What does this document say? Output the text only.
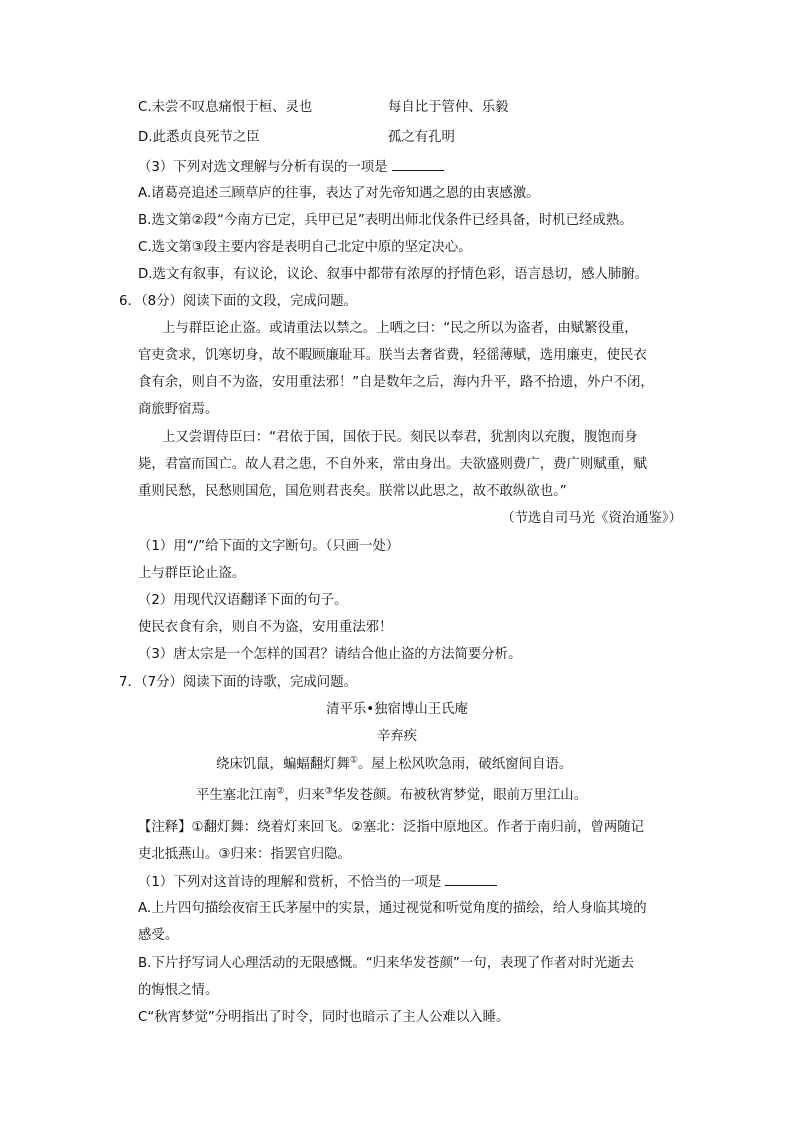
C.未尝不叹息痛恨于桓、灵也	每自比于管仲、乐毅
D.此悉贞良死节之臣	孤之有孔明
（3）下列对选文理解与分析有误的一项是
A.诸葛亮追述三顾草庐的往事，表达了对先帝知遇之恩的由衷感激。
B.选文第②段“今南方已定，兵甲已足”表明出师北伐条件已经具备，时机已经成熟。
C.选文第③段主要内容是表明自己北定中原的坚定决心。
D.选文有叙事，有议论，议论、叙事中都带有浓厚的抒情色彩，语言恳切，感人肺腑。
6．（8分）阅读下面的文段，完成问题。
上与群臣论止盗。或请重法以禁之。上哂之曰：“民之所以为盗者，由赋繁役重，
官吏贪求，饥寒切身，故不暇顾廉耻耳。朕当去奢省费，轻徭薄赋，选用廉吏，使民衣
食有余，则自不为盗，安用重法邪！”自是数年之后，海内升平，路不拾遗，外户不闭，
商旅野宿焉。
上又尝谓侍臣曰：“君依于国，国依于民。刻民以奉君，犹割肉以充腹，腹饱而身
毙，君富而国亡。故人君之患，不自外来，常由身出。夫欲盛则费广，费广则赋重，赋
重则民愁，民愁则国危，国危则君丧矣。朕常以此思之，故不敢纵欲也。”
（节选自司马光《资治通鉴》）
（1）用“/”给下面的文字断句。（只画一处）
上与群臣论止盗。
（2）用现代汉语翻译下面的句子。
使民衣食有余，则自不为盗，安用重法邪！
（3）唐太宗是一个怎样的国君？请结合他止盗的方法简要分析。
7．（7分）阅读下面的诗歌，完成问题。
清平乐•独宿博山王氏庵
辛弃疾
绕床饥鼠，蝙蝠翻灯舞①。屋上松风吹急雨，破纸窗间自语。
平生塞北江南②，归来③华发苍颜。布被秋宵梦觉，眼前万里江山。
【注释】①翻灯舞：绕着灯来回飞。②塞北：泛指中原地区。作者于南归前，曾两随记
吏北抵燕山。③归来：指罢官归隐。
（1）下列对这首诗的理解和赏析，不恰当的一项是
A.上片四句描绘夜宿王氏茅屋中的实景，通过视觉和听觉角度的描绘，给人身临其境的
感受。
B.下片抒写词人心理活动的无限感慨。“归来华发苍颜”一句，表现了作者对时光逝去
的悔恨之情。
C“秋宵梦觉”分明指出了时令，同时也暗示了主人公难以入睡。
